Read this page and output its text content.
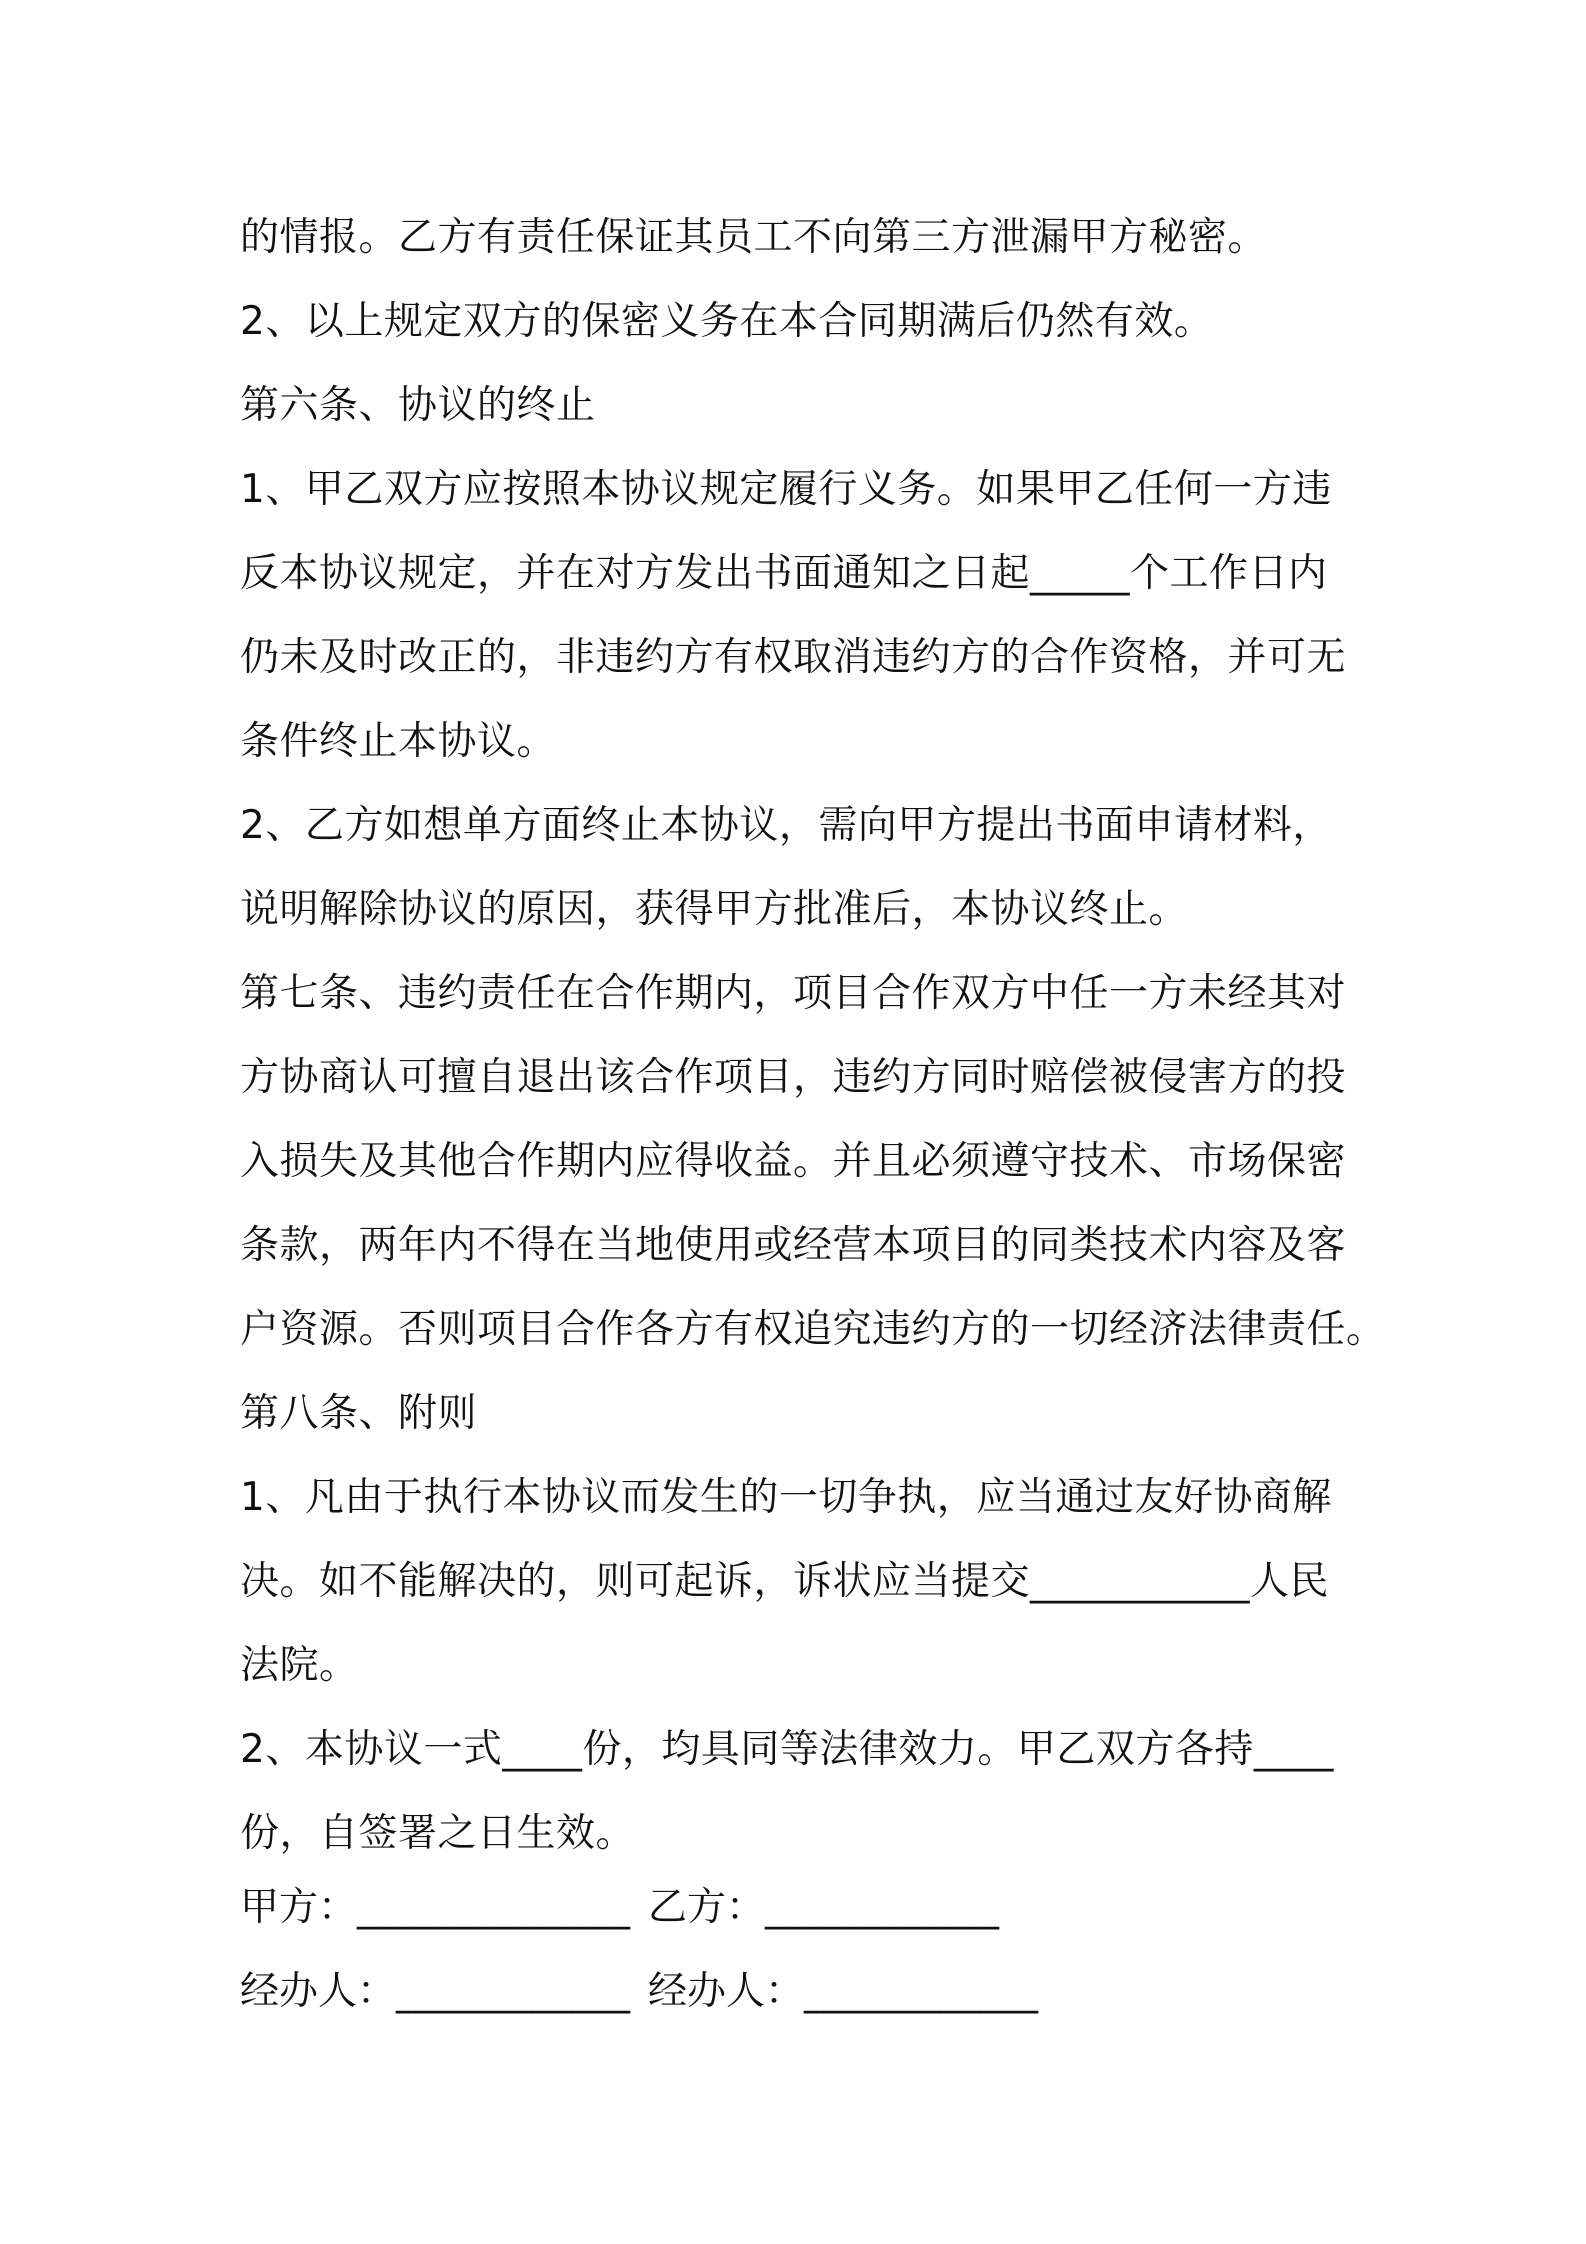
的情报。乙方有责任保证其员工不向第三方泄漏甲方秘密。
2、以上规定双方的保密义务在本合同期满后仍然有效。
第六条、协议的终止
1、甲乙双方应按照本协议规定履行义务。如果甲乙任何一方违
反本协议规定，并在对方发出书面通知之日起_____个工作日内
仍未及时改正的，非违约方有权取消违约方的合作资格，并可无
条件终止本协议。
2、乙方如想单方面终止本协议，需向甲方提出书面申请材料，
说明解除协议的原因，获得甲方批准后，本协议终止。
第七条、违约责任在合作期内，项目合作双方中任一方未经其对
方协商认可擅自退出该合作项目，违约方同时赔偿被侵害方的投
入损失及其他合作期内应得收益。并且必须遵守技术、市场保密
条款，两年内不得在当地使用或经营本项目的同类技术内容及客
户资源。否则项目合作各方有权追究违约方的一切经济法律责任。
第八条、附则
1、凡由于执行本协议而发生的一切争执，应当通过友好协商解
决。如不能解决的，则可起诉，诉状应当提交___________人民
法院。
2、本协议一式____份，均具同等法律效力。甲乙双方各持____
份，自签署之日生效。
甲方：______________ 乙方：____________
经办人：____________ 经办人：____________
